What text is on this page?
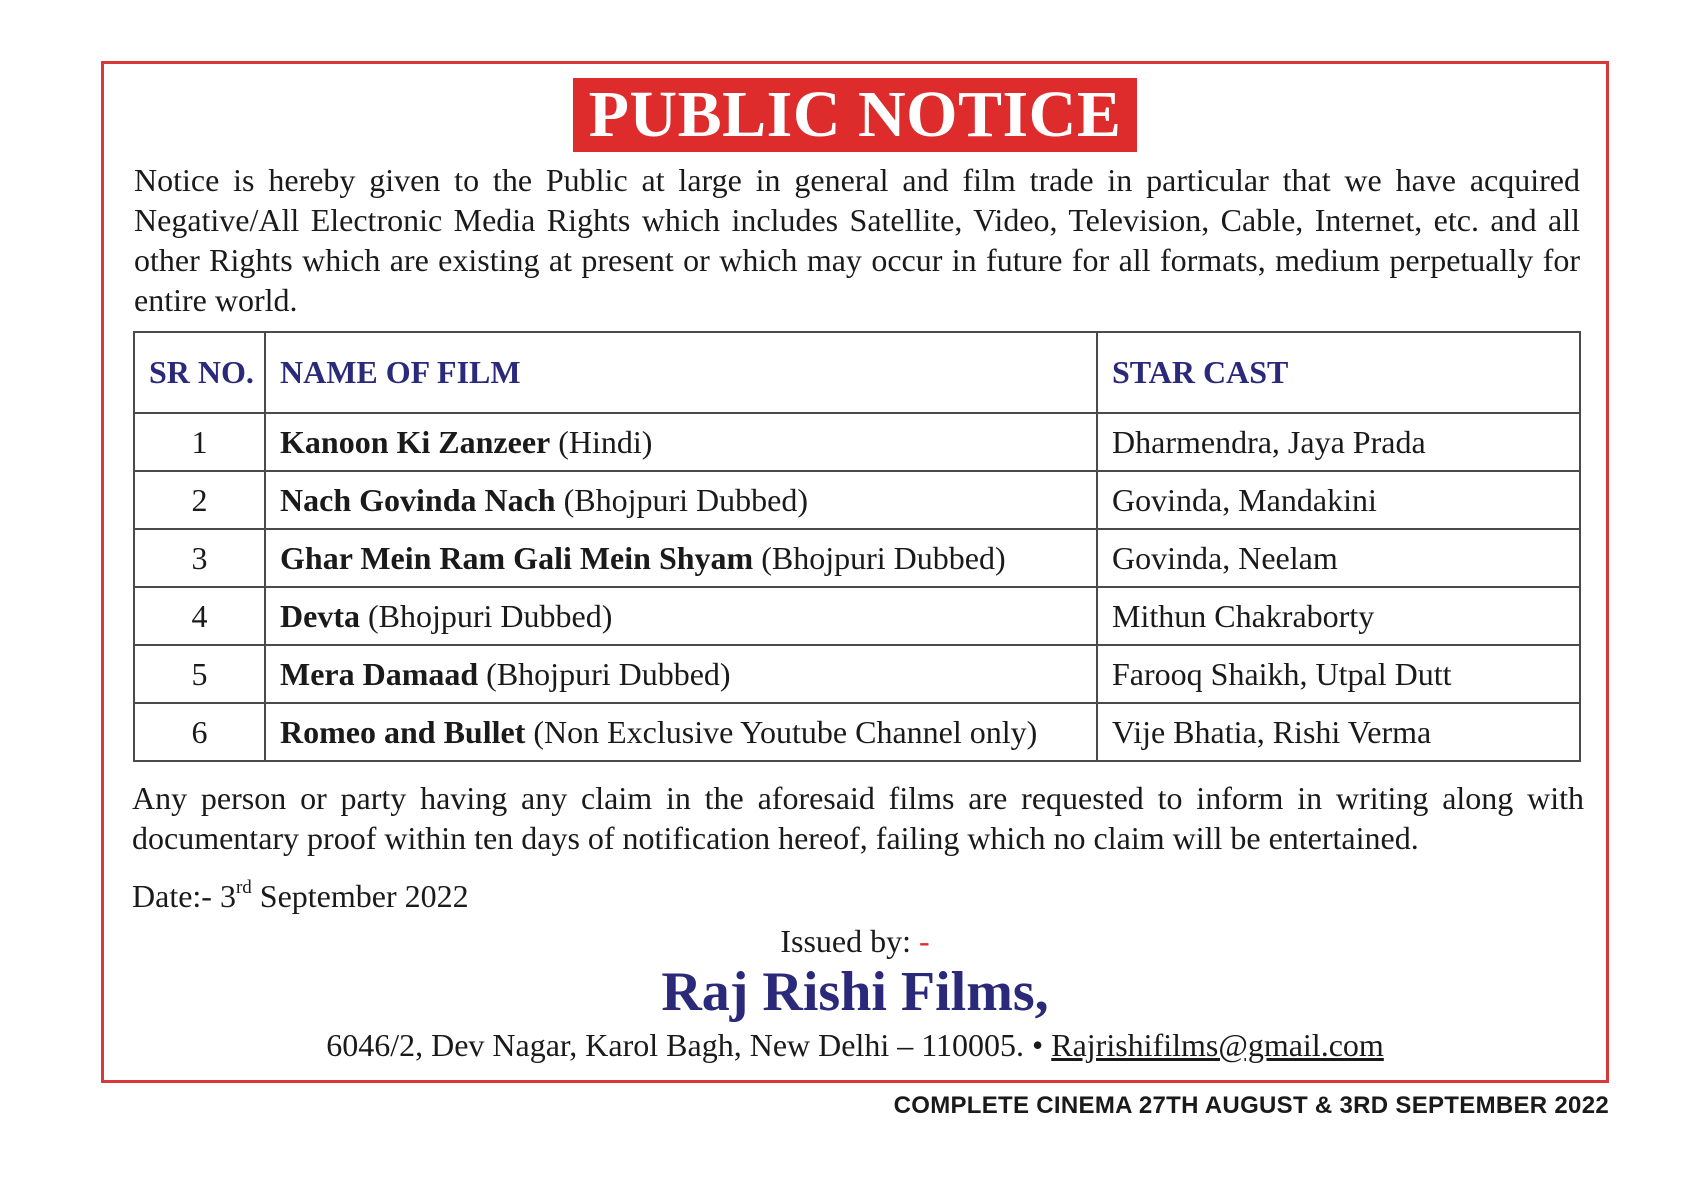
PUBLIC NOTICE

Notice is hereby given to the Public at large in general and film trade in particular that we have acquired Negative/All Electronic Media Rights which includes Satellite, Video, Television, Cable, Internet, etc. and all other Rights which are existing at present or which may occur in future for all formats, medium perpetually for entire world.

SR NO.	NAME OF FILM	STAR CAST
1	Kanoon Ki Zanzeer (Hindi)	Dharmendra, Jaya Prada
2	Nach Govinda Nach (Bhojpuri Dubbed)	Govinda, Mandakini
3	Ghar Mein Ram Gali Mein Shyam (Bhojpuri Dubbed)	Govinda, Neelam
4	Devta (Bhojpuri Dubbed)	Mithun Chakraborty
5	Mera Damaad (Bhojpuri Dubbed)	Farooq Shaikh, Utpal Dutt
6	Romeo and Bullet (Non Exclusive Youtube Channel only)	Vije Bhatia, Rishi Verma

Any person or party having any claim in the aforesaid films are requested to inform in writing along with documentary proof within ten days of notification hereof, failing which no claim will be entertained.

Date:- 3rd September 2022
Issued by: -
Raj Rishi Films,
6046/2, Dev Nagar, Karol Bagh, New Delhi – 110005. • Rajrishifilms@gmail.com
COMPLETE CINEMA 27TH AUGUST & 3RD SEPTEMBER 2022
